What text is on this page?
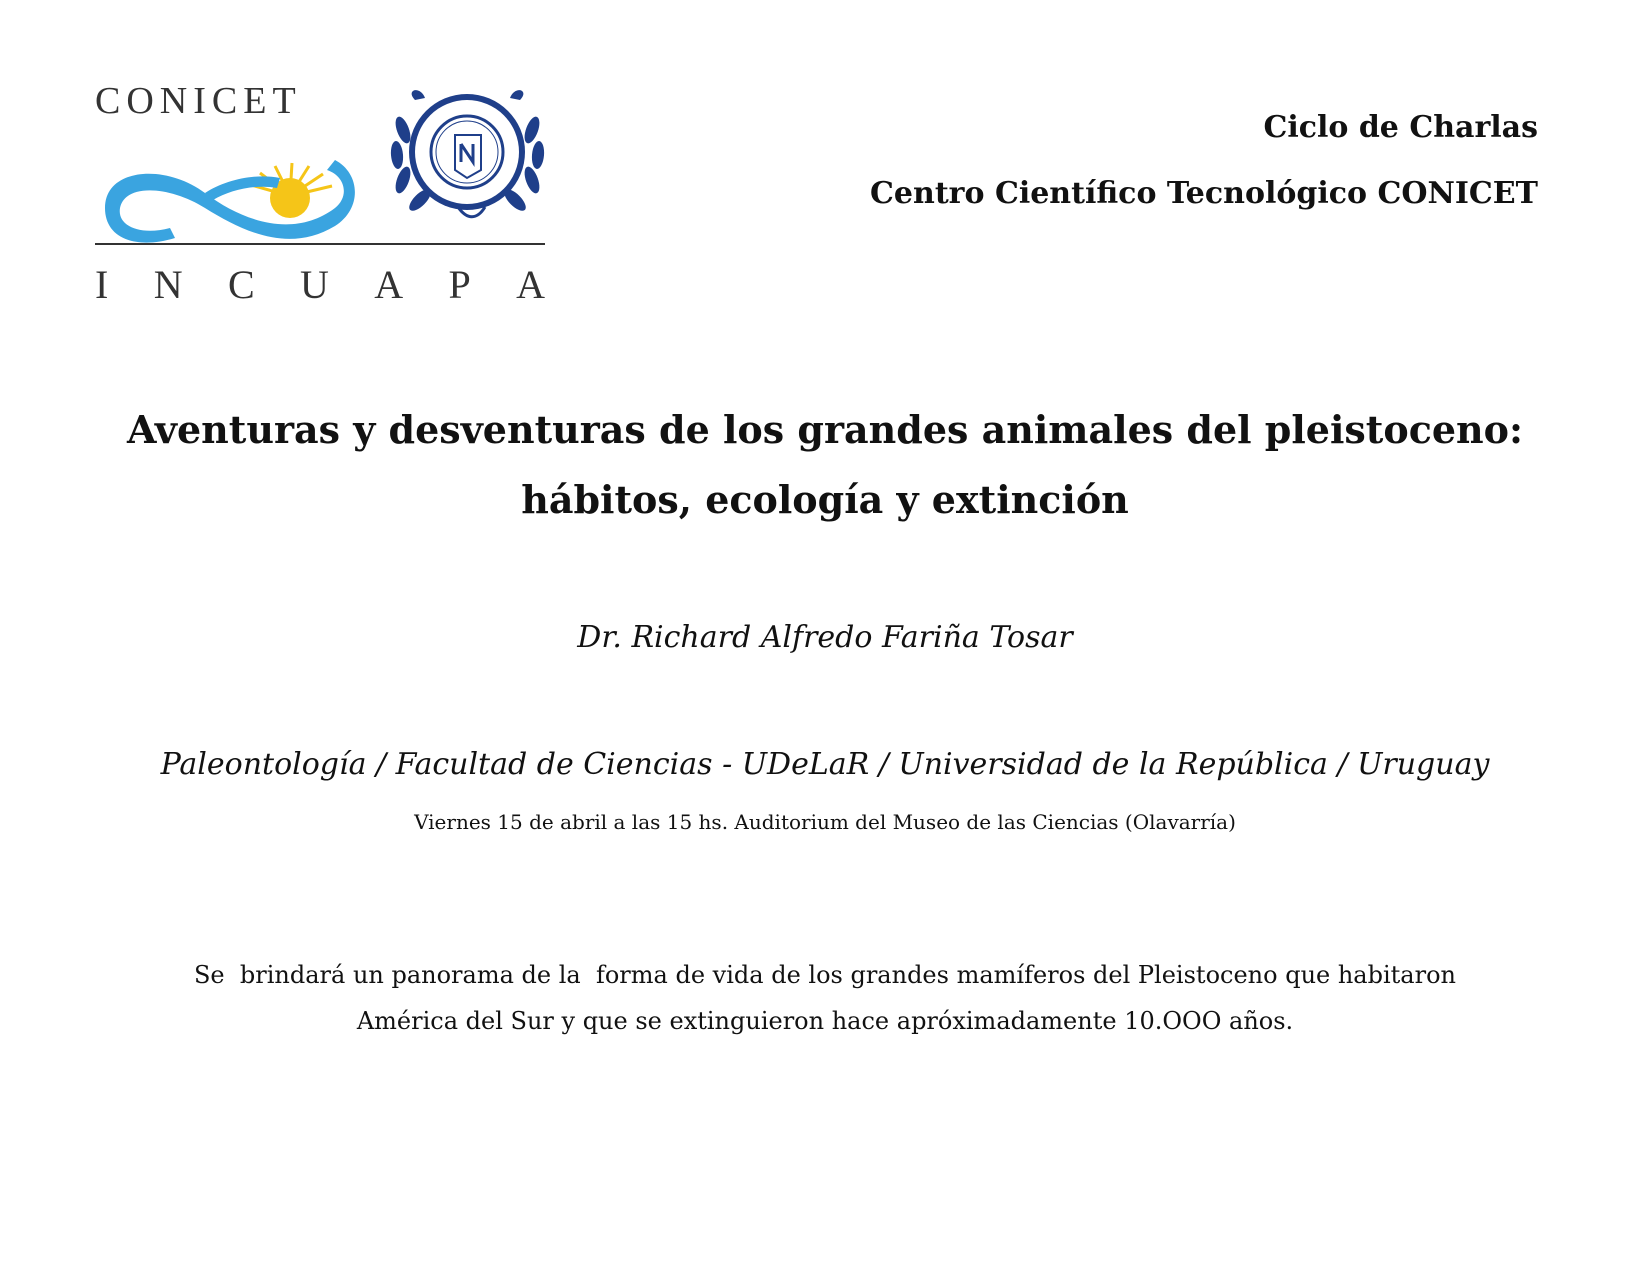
CONICET
I N C U A P A
Ciclo de Charlas
Centro Científico Tecnológico CONICET
Aventuras y desventuras de los grandes animales del pleistoceno:
hábitos, ecología y extinción
Dr. Richard Alfredo Fariña Tosar
Paleontología / Facultad de Ciencias - UDeLaR / Universidad de la República / Uruguay
Viernes 15 de abril a las 15 hs. Auditorium del Museo de las Ciencias (Olavarría)
Se  brindará un panorama de la  forma de vida de los grandes mamíferos del Pleistoceno que habitaron
América del Sur y que se extinguieron hace apróximadamente 10.OOO años.
